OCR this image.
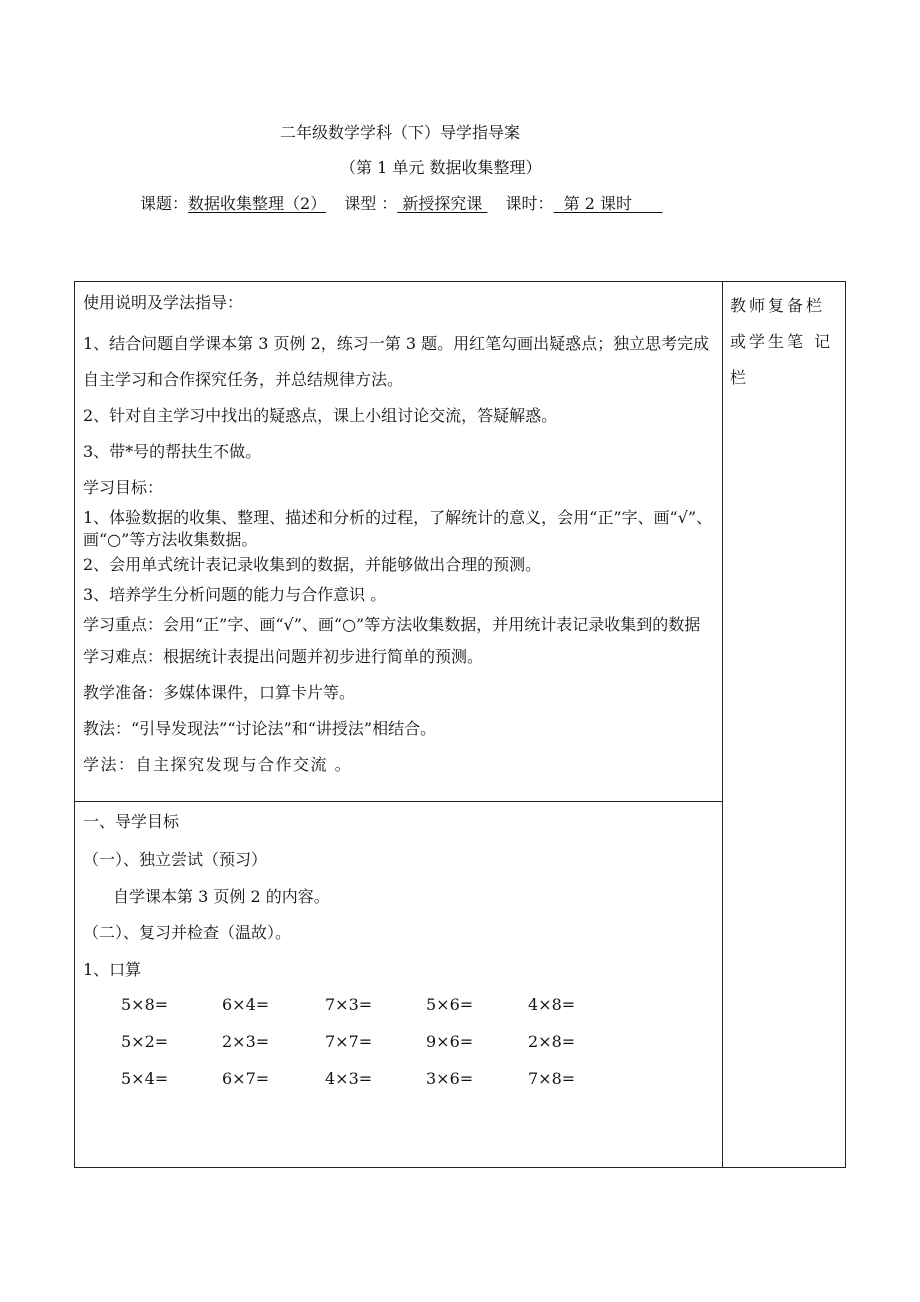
二年级数学学科（下）导学指导案
（第 1 单元 数据收集整理）
课题：数据收集整理（2） 课型 ： 新授探究课 课时：  第 2 课时

使用说明及学法指导：

1、结合问题自学课本第 3 页例 2，练习一第 3 题。用红笔勾画出疑惑点；独立思考完成自主学习和合作探究任务，并总结规律方法。

2、针对自主学习中找出的疑惑点，课上小组讨论交流，答疑解惑。

3、带*号的帮扶生不做。

学习目标：

1、体验数据的收集、整理、描述和分析的过程，了解统计的意义，会用“正”字、画“√”、画“○”等方法收集数据。

2、会用单式统计表记录收集到的数据，并能够做出合理的预测。

3、培养学生分析问题的能力与合作意识 。

学习重点：会用“正”字、画“√”、画“○”等方法收集数据，并用统计表记录收集到的数据

学习难点：根据统计表提出问题并初步进行简单的预测。

教学准备：多媒体课件，口算卡片等。

教法：“引导发现法”“讨论法”和“讲授法”相结合。

学法：自主探究发现与合作交流 。

教师复备栏或学生笔 记栏
一、导学目标
（一）、独立尝试（预习）
自学课本第 3 页例 2 的内容。
（二）、复习并检查（温故）。
1、口算
5×8=	6×4=	7×3=	5×6=	4×8=
5×2=	2×3=	7×7=	9×6=	2×8=
5×4=	6×7=	4×3=	3×6=	7×8=
